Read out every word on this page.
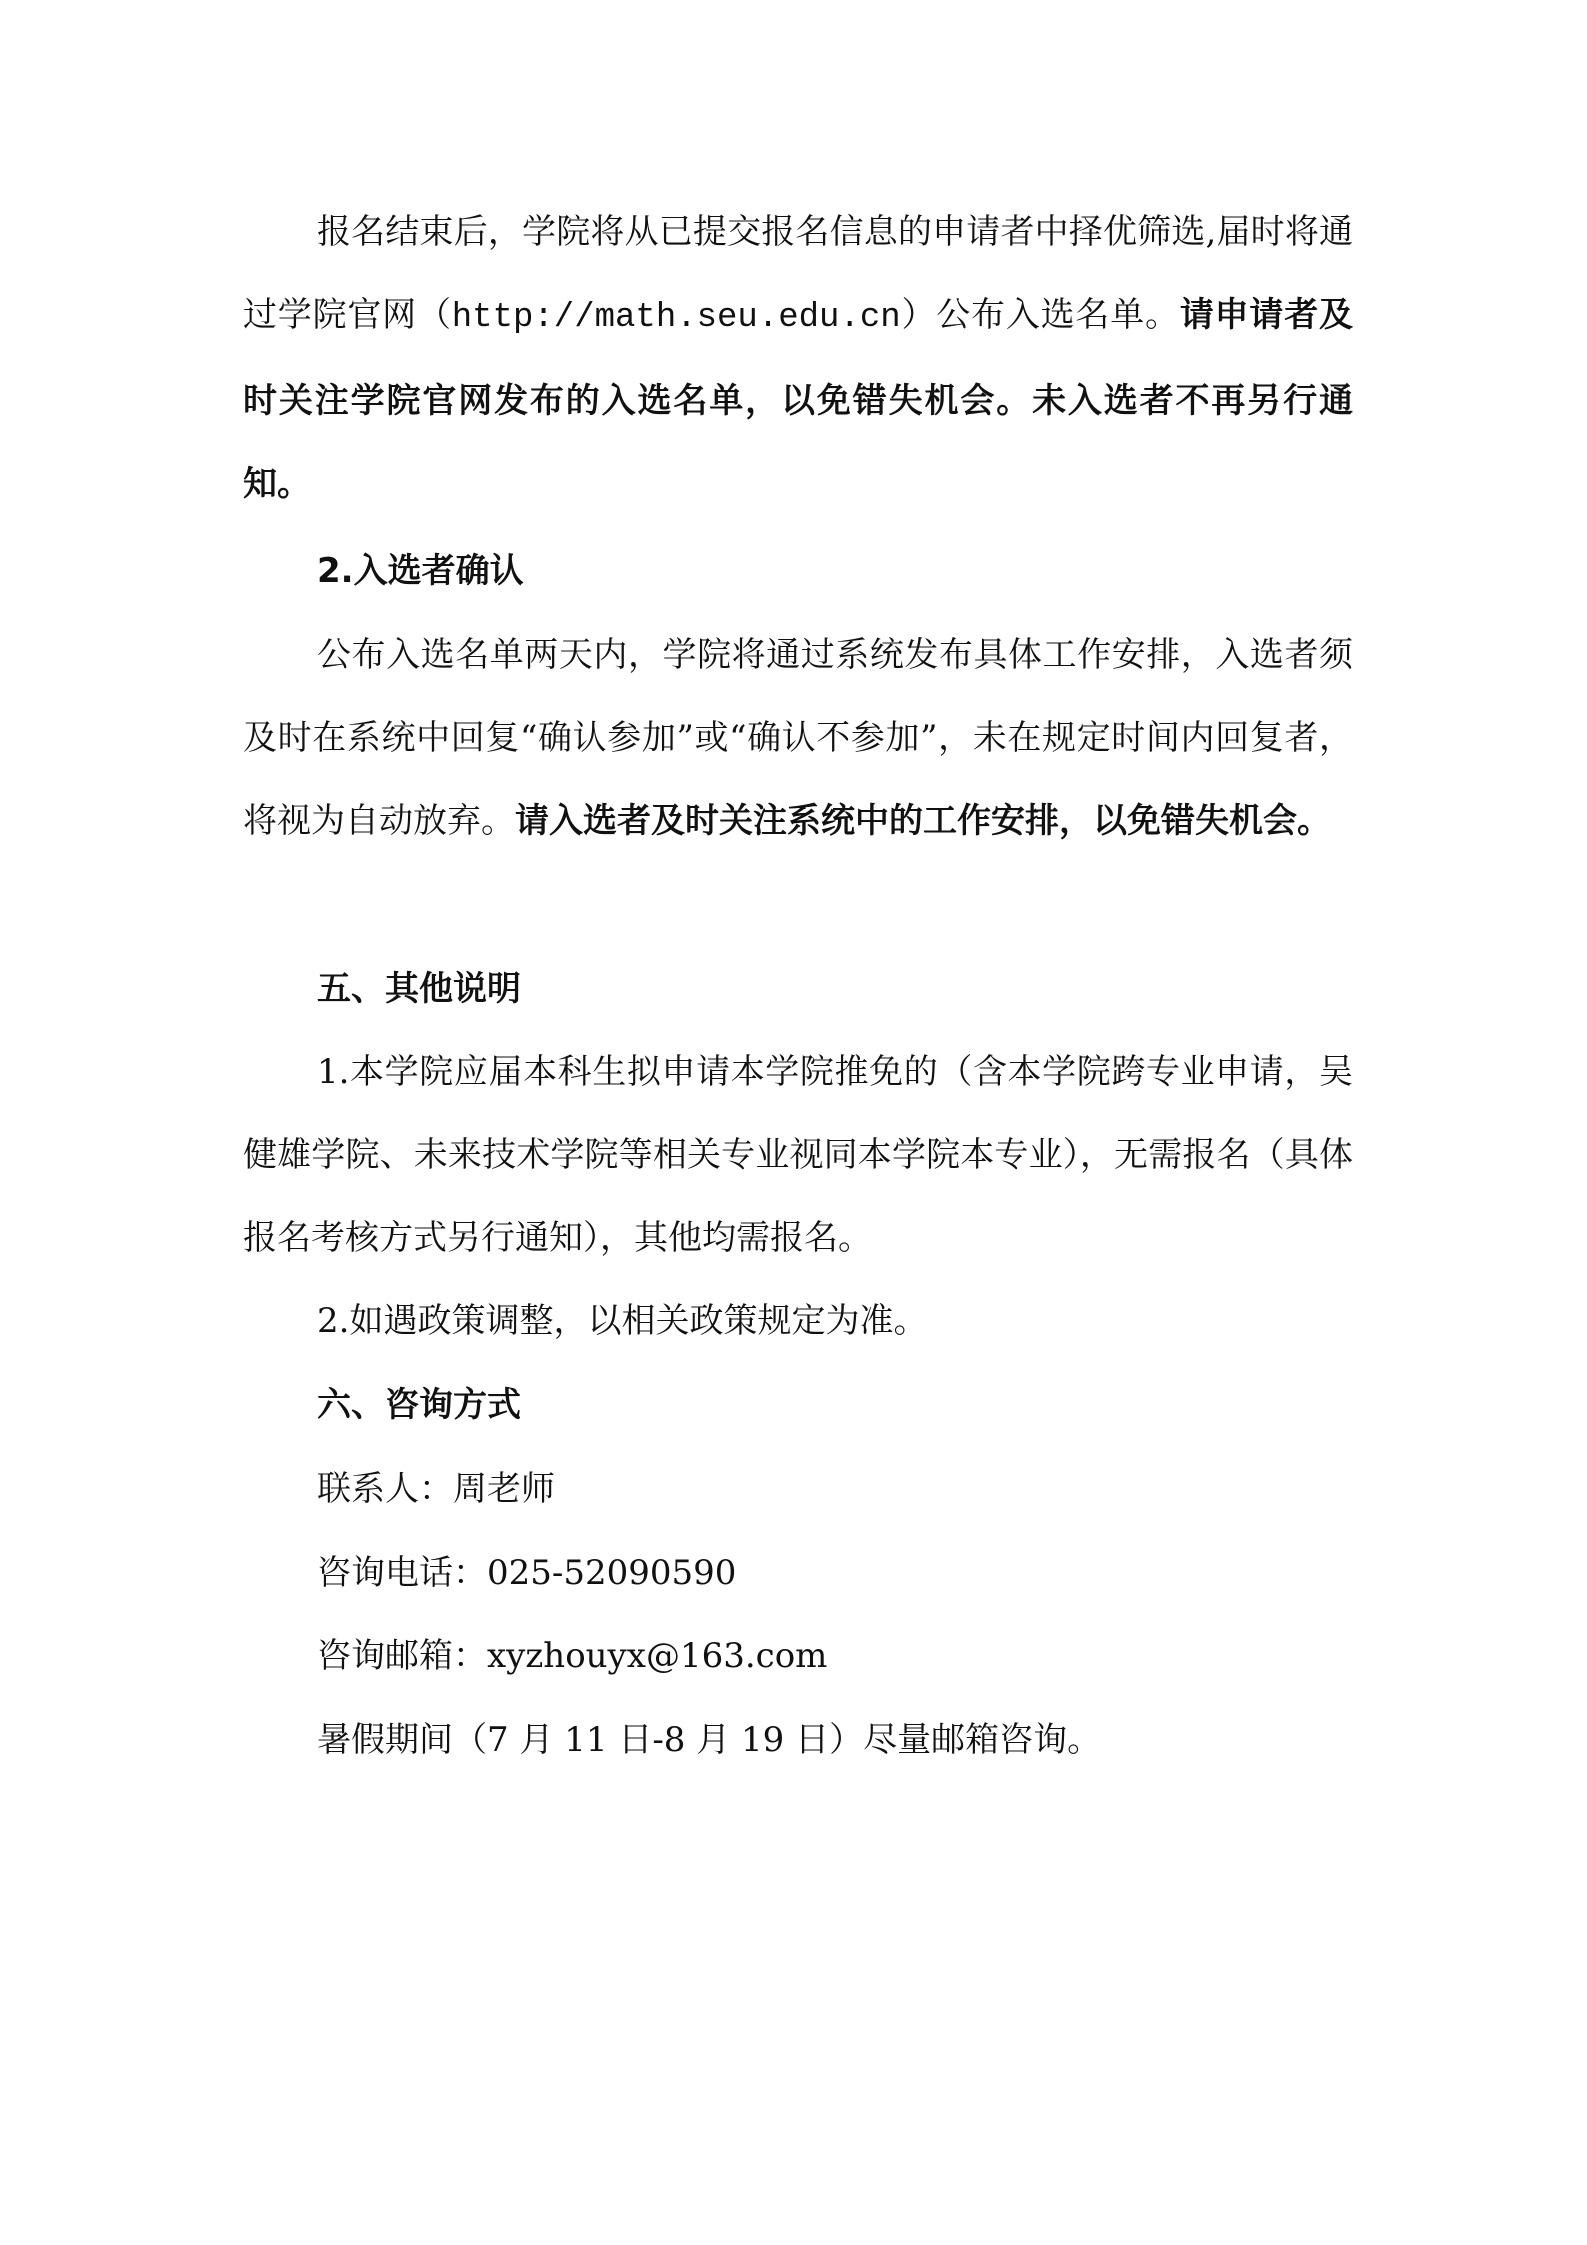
报名结束后，学院将从已提交报名信息的申请者中择优筛选,届时将通过学院官网（http://math.seu.edu.cn）公布入选名单。请申请者及时关注学院官网发布的入选名单，以免错失机会。未入选者不再另行通知。

2.入选者确认

公布入选名单两天内，学院将通过系统发布具体工作安排，入选者须及时在系统中回复“确认参加”或“确认不参加”，未在规定时间内回复者，将视为自动放弃。请入选者及时关注系统中的工作安排，以免错失机会。

五、其他说明

1.本学院应届本科生拟申请本学院推免的（含本学院跨专业申请，吴健雄学院、未来技术学院等相关专业视同本学院本专业），无需报名（具体报名考核方式另行通知），其他均需报名。

2.如遇政策调整，以相关政策规定为准。
六、咨询方式
联系人：周老师
咨询电话：025-52090590
咨询邮箱：xyzhouyx@163.com
暑假期间（7 月 11 日-8 月 19 日）尽量邮箱咨询。
